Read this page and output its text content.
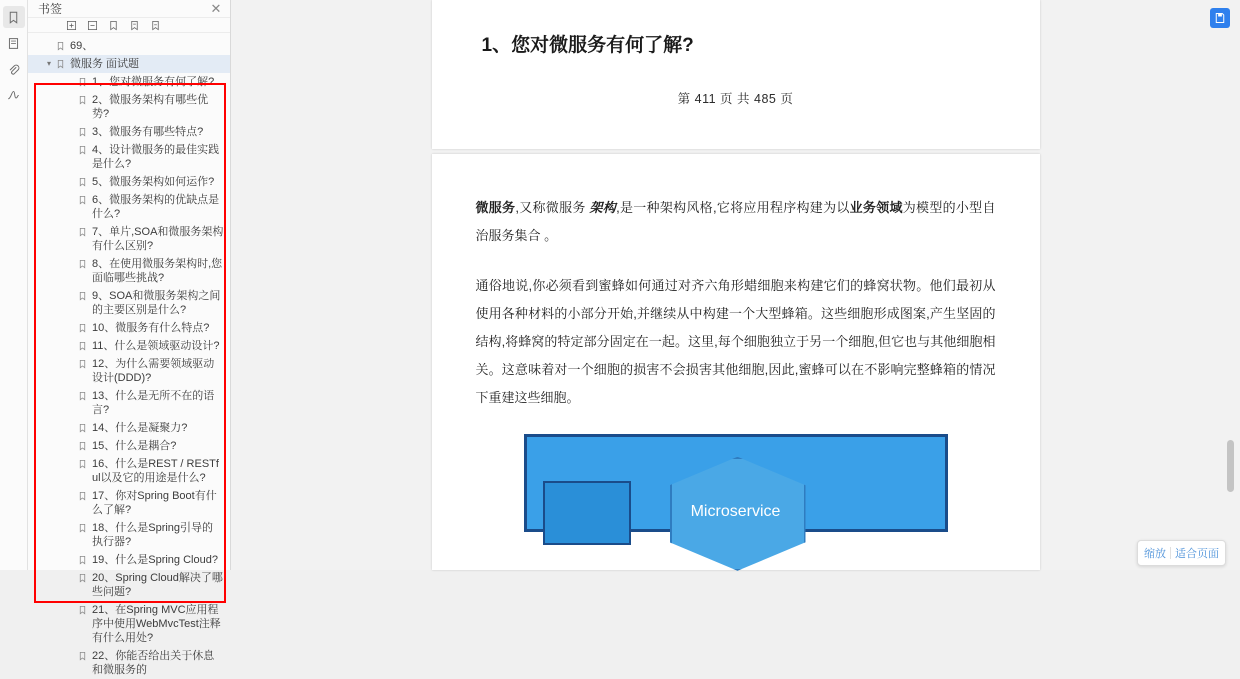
书签	✕
69、
▾ 微服务 面试题
1、您对微服务有何了解?
2、微服务架构有哪些优势?
3、微服务有哪些特点?
4、设计微服务的最佳实践是什么?
5、微服务架构如何运作?
6、微服务架构的优缺点是什么?
7、单片,SOA和微服务架构有什么区别?
8、在使用微服务架构时,您面临哪些挑战?
9、SOA和微服务架构之间的主要区别是什么?
10、微服务有什么特点?
11、什么是领域驱动设计?
12、为什么需要领域驱动设计(DDD)?
13、什么是无所不在的语言?
14、什么是凝聚力?
15、什么是耦合?
16、什么是REST / RESTful以及它的用途是什么?
17、你对Spring Boot有什么了解?
18、什么是Spring引导的执行器?
19、什么是Spring Cloud?
20、Spring Cloud解决了哪些问题?
21、在Spring MVC应用程序中使用WebMvcTest注释有什么用处?
22、你能否给出关于休息和微服务的
1、您对微服务有何了解?
第 411 页 共 485 页

微服务,又称微服务 架构,是一种架构风格,它将应用程序构建为以业务领域为模型的小型自治服务集合 。

通俗地说,你必须看到蜜蜂如何通过对齐六角形蜡细胞来构建它们的蜂窝状物。他们最初从使用各种材料的小部分开始,并继续从中构建一个大型蜂箱。这些细胞形成图案,产生坚固的结构,将蜂窝的特定部分固定在一起。这里,每个细胞独立于另一个细胞,但它也与其他细胞相关。这意味着对一个细胞的损害不会损害其他细胞,因此,蜜蜂可以在不影响完整蜂箱的情况下重建这些细胞。

Microservice
缩放 适合页面
